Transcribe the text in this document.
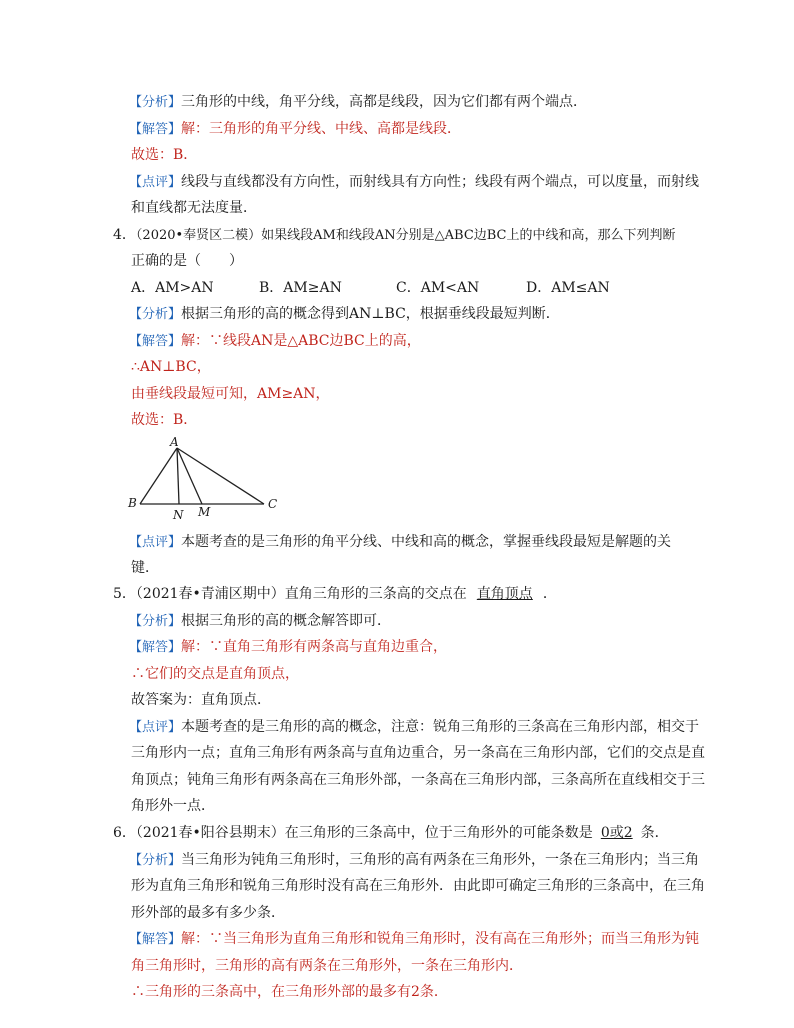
【分析】三角形的中线，角平分线，高都是线段，因为它们都有两个端点．
【解答】解：三角形的角平分线、中线、高都是线段．
故选：B．
【点评】线段与直线都没有方向性，而射线具有方向性；线段有两个端点，可以度量，而射线
和直线都无法度量．
4．（2020•奉贤区二模）如果线段AM和线段AN分别是△ABC边BC上的中线和高，那么下列判断
正确的是（　　）
A．AM>AN	B．AM≥AN	C．AM<AN	D．AM≤AN
【分析】根据三角形的高的概念得到AN⊥BC，根据垂线段最短判断．
【解答】解：∵线段AN是△ABC边BC上的高，
∴AN⊥BC，
由垂线段最短可知，AM≥AN，
故选：B．
A
B	C
N M
【点评】本题考查的是三角形的角平分线、中线和高的概念，掌握垂线段最短是解题的关
键．
5．（2021春•青浦区期中）直角三角形的三条高的交点在 直角顶点 ．
【分析】根据三角形的高的概念解答即可．
【解答】解：∵直角三角形有两条高与直角边重合，
∴它们的交点是直角顶点，
故答案为：直角顶点．
【点评】本题考查的是三角形的高的概念，注意：锐角三角形的三条高在三角形内部，相交于
三角形内一点；直角三角形有两条高与直角边重合，另一条高在三角形内部，它们的交点是直
角顶点；钝角三角形有两条高在三角形外部，一条高在三角形内部，三条高所在直线相交于三
角形外一点．
6．（2021春•阳谷县期末）在三角形的三条高中，位于三角形外的可能条数是 0或2 条．
【分析】当三角形为钝角三角形时，三角形的高有两条在三角形外，一条在三角形内；当三角
形为直角三角形和锐角三角形时没有高在三角形外．由此即可确定三角形的三条高中，在三角
形外部的最多有多少条．
【解答】解：∵当三角形为直角三角形和锐角三角形时，没有高在三角形外；而当三角形为钝
角三角形时，三角形的高有两条在三角形外，一条在三角形内．
∴三角形的三条高中，在三角形外部的最多有2条．
